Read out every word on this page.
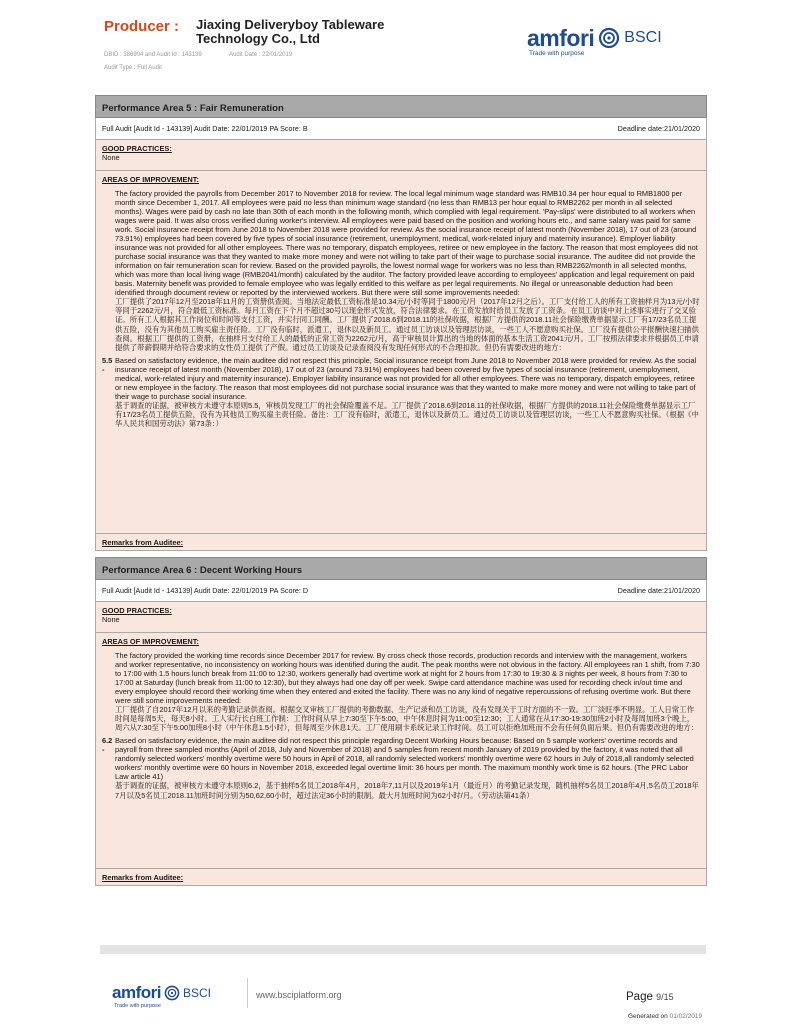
Producer : Jiaxing Deliveryboy Tableware
Technology Co., Ltd
DBID : 386904 and Audit Id : 143139	Audit Date : 22/01/2019
Audit Type : Full Audit
amfori BSCI
Trade with purpose
Performance Area 5 : Fair Remuneration
Full Audit [Audit Id - 143139] Audit Date: 22/01/2019 PA Score: B	Deadline date:21/01/2020
GOOD PRACTICES:
None
AREAS OF IMPROVEMENT:

The factory provided the payrolls from December 2017 to November 2018 for review. The local legal minimum wage standard was RMB10.34 per hour equal to RMB1800 per month since December 1, 2017. All employees were paid no less than minimum wage standard (no less than RMB13 per hour equal to RMB2262 per month in all selected months). Wages were paid by cash no late than 30th of each month in the following month, which complied with legal requirement. 'Pay-slips' were distributed to all workers when wages were paid. It was also cross verified during worker's interview. All employees were paid based on the position and working hours etc., and same salary was paid for same work. Social insurance receipt from June 2018 to November 2018 were provided for review. As the social insurance receipt of latest month (November 2018), 17 out of 23 (around 73.91%) employees had been covered by five types of social insurance (retirement, unemployment, medical, work-related injury and maternity insurance). Employer liability insurance was not provided for all other employees. There was no temporary, dispatch employees, retiree or new employee in the factory. The reason that most employees did not purchase social insurance was that they wanted to make more money and were not willing to take part of their wage to purchase social insurance. The auditee did not provide the information on fair remuneration scan for review. Based on the provided payrolls, the lowest normal wage for workers was no less than RMB2262/month in all selected months, which was more than local living wage (RMB2041/month) calculated by the auditor. The factory provided leave according to employees' application and legal requirement on paid basis. Maternity benefit was provided to female employee who was legally entitled to this welfare as per legal requirements. No illegal or unreasonable deduction had been identified through document review or reported by the interviewed workers. But there were still some improvements needed:

工厂提供了2017年12月至2018年11月的工资册供查阅。当地法定最低工资标准是10.34元/小时等同于1800元/月（2017年12月之后）。工厂支付给工人的所有工资抽样月为13元/小时等同于2262元/月，符合最低工资标准。每月工资在下个月不超过30号以现金形式发放，符合法律要求。在工资发放时给员工发放了工资条。在员工访谈中对上述事实进行了交叉验证。所有工人根据其工作岗位和时间等支付工资，并实行同工同酬。工厂提供了2018.6到2018.11的社保收据，根据厂方提供的2018.11社会保险缴费单据显示工厂有17/23名员工提供五险，没有为其他员工购买雇主责任险。工厂没有临时，派遣工，退休以及新员工。通过员工访谈以及管理层访谈，一些工人不愿意购买社保。工厂没有提供公平报酬快速扫描供查阅。根据工厂提供的工资册，在抽样月支付给工人的最低的正常工资为2262元/月，高于审核员计算出的当地的体面的基本生活工资2041元/月。工厂按照法律要求并根据员工申请提供了带薪假期并给符合要求的女性员工提供了产假。通过员工访谈及记录查阅没有发现任何形式的不合理扣款。但仍有需要改进的地方：

5.5 -

Based on satisfactory evidence, the main auditee did not respect this principle, Social insurance receipt from June 2018 to November 2018 were provided for review. As the social insurance receipt of latest month (November 2018), 17 out of 23 (around 73.91%) employees had been covered by five types of social insurance (retirement, unemployment, medical, work-related injury and maternity insurance). Employer liability insurance was not provided for all other employees. There was no temporary, dispatch employees, retiree or new employee in the factory. The reason that most employees did not purchase social insurance was that they wanted to make more money and were not willing to take part of their wage to purchase social insurance.

基于调查的证据，被审核方未遵守本原则5.5，审核员发现工厂的社会保险覆盖不足。工厂提供了2018.6到2018.11的社保收据，根据厂方提供的2018.11社会保险缴费单据显示工厂有17/23名员工提供五险，没有为其他员工购买雇主责任险。备注：工厂没有临时，派遣工，退休以及新员工。通过员工访谈以及管理层访谈，一些工人不愿意购买社保。（根据《中华人民共和国劳动法》第73条：）

Remarks from Auditee:
Performance Area 6 : Decent Working Hours
Full Audit [Audit Id - 143139] Audit Date: 22/01/2019 PA Score: D	Deadline date:21/01/2020
GOOD PRACTICES:
None
AREAS OF IMPROVEMENT:

The factory provided the working time records since December 2017 for review. By cross check those records, production records and interview with the management, workers and worker representative, no inconsistency on working hours was identified during the audit. The peak months were not obvious in the factory. All employees ran 1 shift, from 7:30 to 17:00 with 1.5 hours lunch break from 11:00 to 12:30, workers generally had overtime work at night for 2 hours from 17:30 to 19:30 & 3 nights per week, 8 hours from 7:30 to 17:00 at Saturday (lunch break from 11:00 to 12:30), but they always had one day off per week. Swipe card attendance machine was used for recording check in/out time and every employee should record their working time when they entered and exited the facility. There was no any kind of negative repercussions of refusing overtime work. But there were still some improvements needed:

工厂提供了自2017年12月以来的考勤记录供查阅。根据交叉审核工厂提供的考勤数据、生产记录和员工访谈，没有发现关于工时方面的不一致。工厂淡旺季不明显。工人日常工作时间是每周5天，每天8小时。工人实行长白班工作制：工作时间从早上7:30至下午5:00，中午休息时间为11:00至12:30；工人通常在从17:30-19:30加班2小时及每周加班3个晚上，周六从7:30至下午5:00加班8小时（中午休息1.5小时），但每周至少休息1天。工厂使用刷卡系统记录工作时间。员工可以拒绝加班而不会有任何负面后果。但仍有需要改进的地方：

6.2 -

Based on satisfactory evidence, the main auditee did not respect this principle regarding Decent Working Hours because: Based on 5 sample workers' overtime records and payroll from three sampled months (April of 2018, July and November of 2018) and 5 samples from recent month January of 2019 provided by the factory, it was noted that all randomly selected workers' monthly overtime were 50 hours in April of 2018, all randomly selected workers' monthly overtime were 62 hours in July of 2018,all randomly selected workers' monthly overtime were 60 hours in November 2018, exceeded legal overtime limit: 36 hours per month. The maximum monthly work time is 62 hours. (The PRC Labor Law article 41)

基于调查的证据，被审核方未遵守本原则6.2，基于抽样5名员工2018年4月，2018年7,11月以及2019年1月（最近月）的考勤记录发现，随机抽样5名员工2018年4月,5名员工2018年7月以及5名员工2018.11加班时间分别为50,62,60小时，超过法定36小时的限制。最大月加班时间为62小时/月。（劳动法第41条）

Remarks from Auditee:
amfori BSCI
Trade with purpose
www.bsciplatform.org	Page 9/15
Generated on 01/02/2019
